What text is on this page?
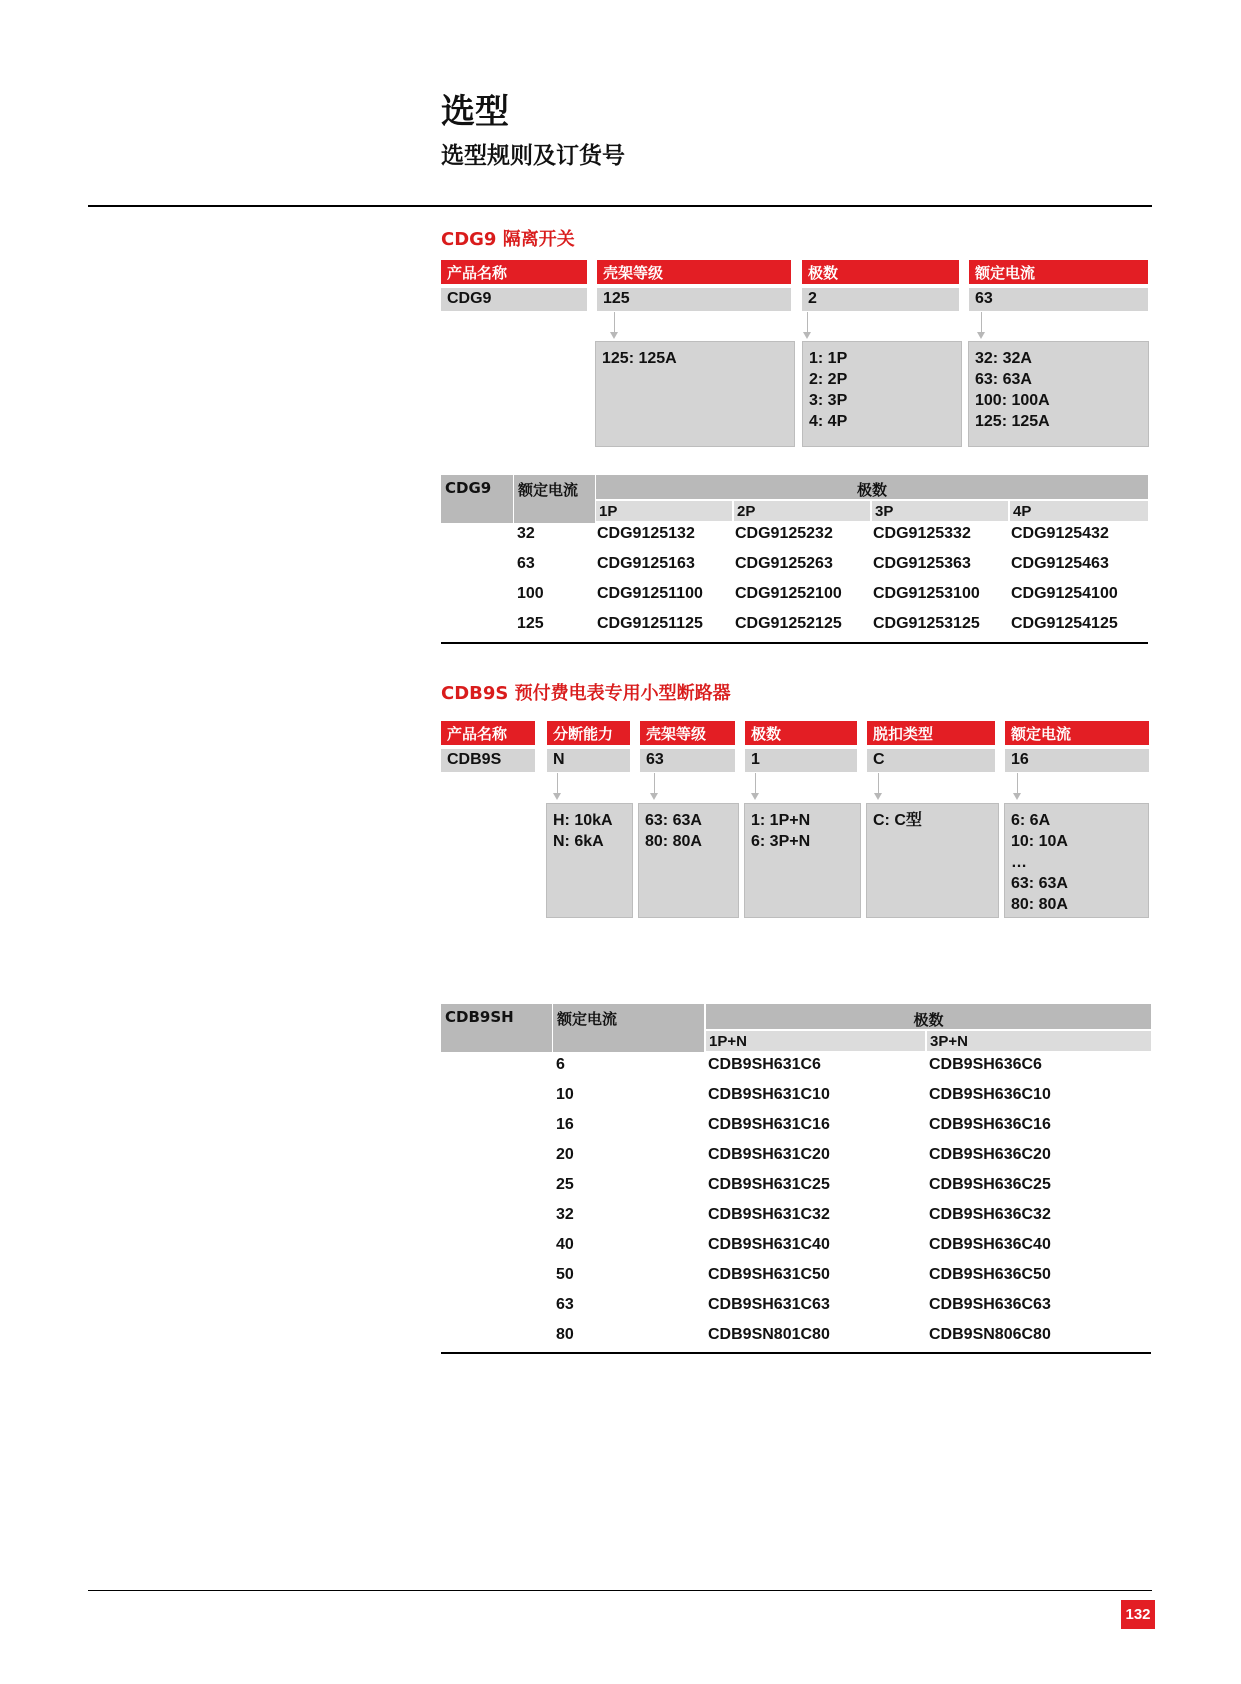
选型
选型规则及订货号
CDG9 隔离开关
产品名称	壳架等级	极数	额定电流
CDG9	125	2	63
125: 125A	1: 1P
2: 2P
3: 3P
4: 4P
32: 32A
63: 63A
100: 100A
125: 125A
CDG9	额定电流	极数
1P	2P	3P	4P
32	CDG9125132	CDG9125232	CDG9125332	CDG9125432
63	CDG9125163	CDG9125263	CDG9125363	CDG9125463
100	CDG91251100 CDG91252100 CDG91253100 CDG91254100
125	CDG91251125 CDG91252125 CDG91253125 CDG91254125
CDB9S 预付费电表专用小型断路器
产品名称	分断能力	壳架等级	极数	脱扣类型	额定电流
CDB9S	N	63	1	C	16
H: 10kA
N: 6kA
63: 63A
80: 80A
1: 1P+N
6: 3P+N
C: C型	6: 6A
10: 10A
…
63: 63A
80: 80A
CDB9SH	额定电流	极数
1P+N	3P+N
6	CDB9SH631C6	CDB9SH636C6
10	CDB9SH631C10	CDB9SH636C10
16	CDB9SH631C16	CDB9SH636C16
20	CDB9SH631C20	CDB9SH636C20
25	CDB9SH631C25	CDB9SH636C25
32	CDB9SH631C32	CDB9SH636C32
40	CDB9SH631C40	CDB9SH636C40
50	CDB9SH631C50	CDB9SH636C50
63	CDB9SH631C63	CDB9SH636C63
80	CDB9SN801C80	CDB9SN806C80
132
